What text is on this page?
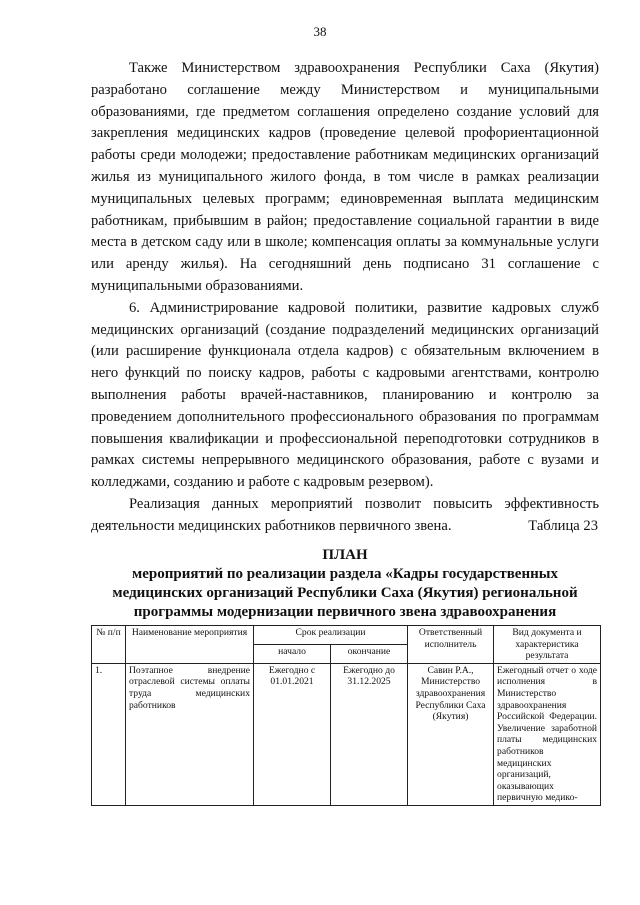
38

Также Министерством здравоохранения Республики Саха (Якутия) разработано соглашение между Министерством и муниципальными образованиями, где предметом соглашения определено создание условий для закрепления медицинских кадров (проведение целевой профориентационной работы среди молодежи; предоставление работникам медицинских организаций жилья из муниципального жилого фонда, в том числе в рамках реализации муниципальных целевых программ; единовременная выплата медицинским работникам, прибывшим в район; предоставление социальной гарантии в виде места в детском саду или в школе; компенсация оплаты за коммунальные услуги или аренду жилья). На сегодняшний день подписано 31 соглашение с муниципальными образованиями.

6. Администрирование кадровой политики, развитие кадровых служб медицинских организаций (создание подразделений медицинских организаций (или расширение функционала отдела кадров) с обязательным включением в него функций по поиску кадров, работы с кадровыми агентствами, контролю выполнения работы врачей-наставников, планированию и контролю за проведением дополнительного профессионального образования по программам повышения квалификации и профессиональной переподготовки сотрудников в рамках системы непрерывного медицинского образования, работе с вузами и колледжами, созданию и работе с кадровым резервом).

Реализация данных мероприятий позволит повысить эффективность деятельности медицинских работников первичного звена.	Таблица 23
ПЛАН
мероприятий по реализации раздела «Кадры государственных
медицинских организаций Республики Саха (Якутия) региональной
программы модернизации первичного звена здравоохранения
№ п/п	Наименование мероприятия	Срок реализации		Ответственный исполнитель	Вид документа и характеристика результата
		начало	окончание		
1.	Поэтапное внедрение отраслевой системы оплаты труда медицинских работников	Ежегодно с 01.01.2021	Ежегодно до 31.12.2025	Савин Р.А., Министерство здравоохранения Республики Саха (Якутия)	Ежегодный отчет о ходе исполнения в Министерство здравоохранения Российской Федерации. Увеличение заработной платы медицинских работников медицинских организаций, оказывающих первичную медико-
